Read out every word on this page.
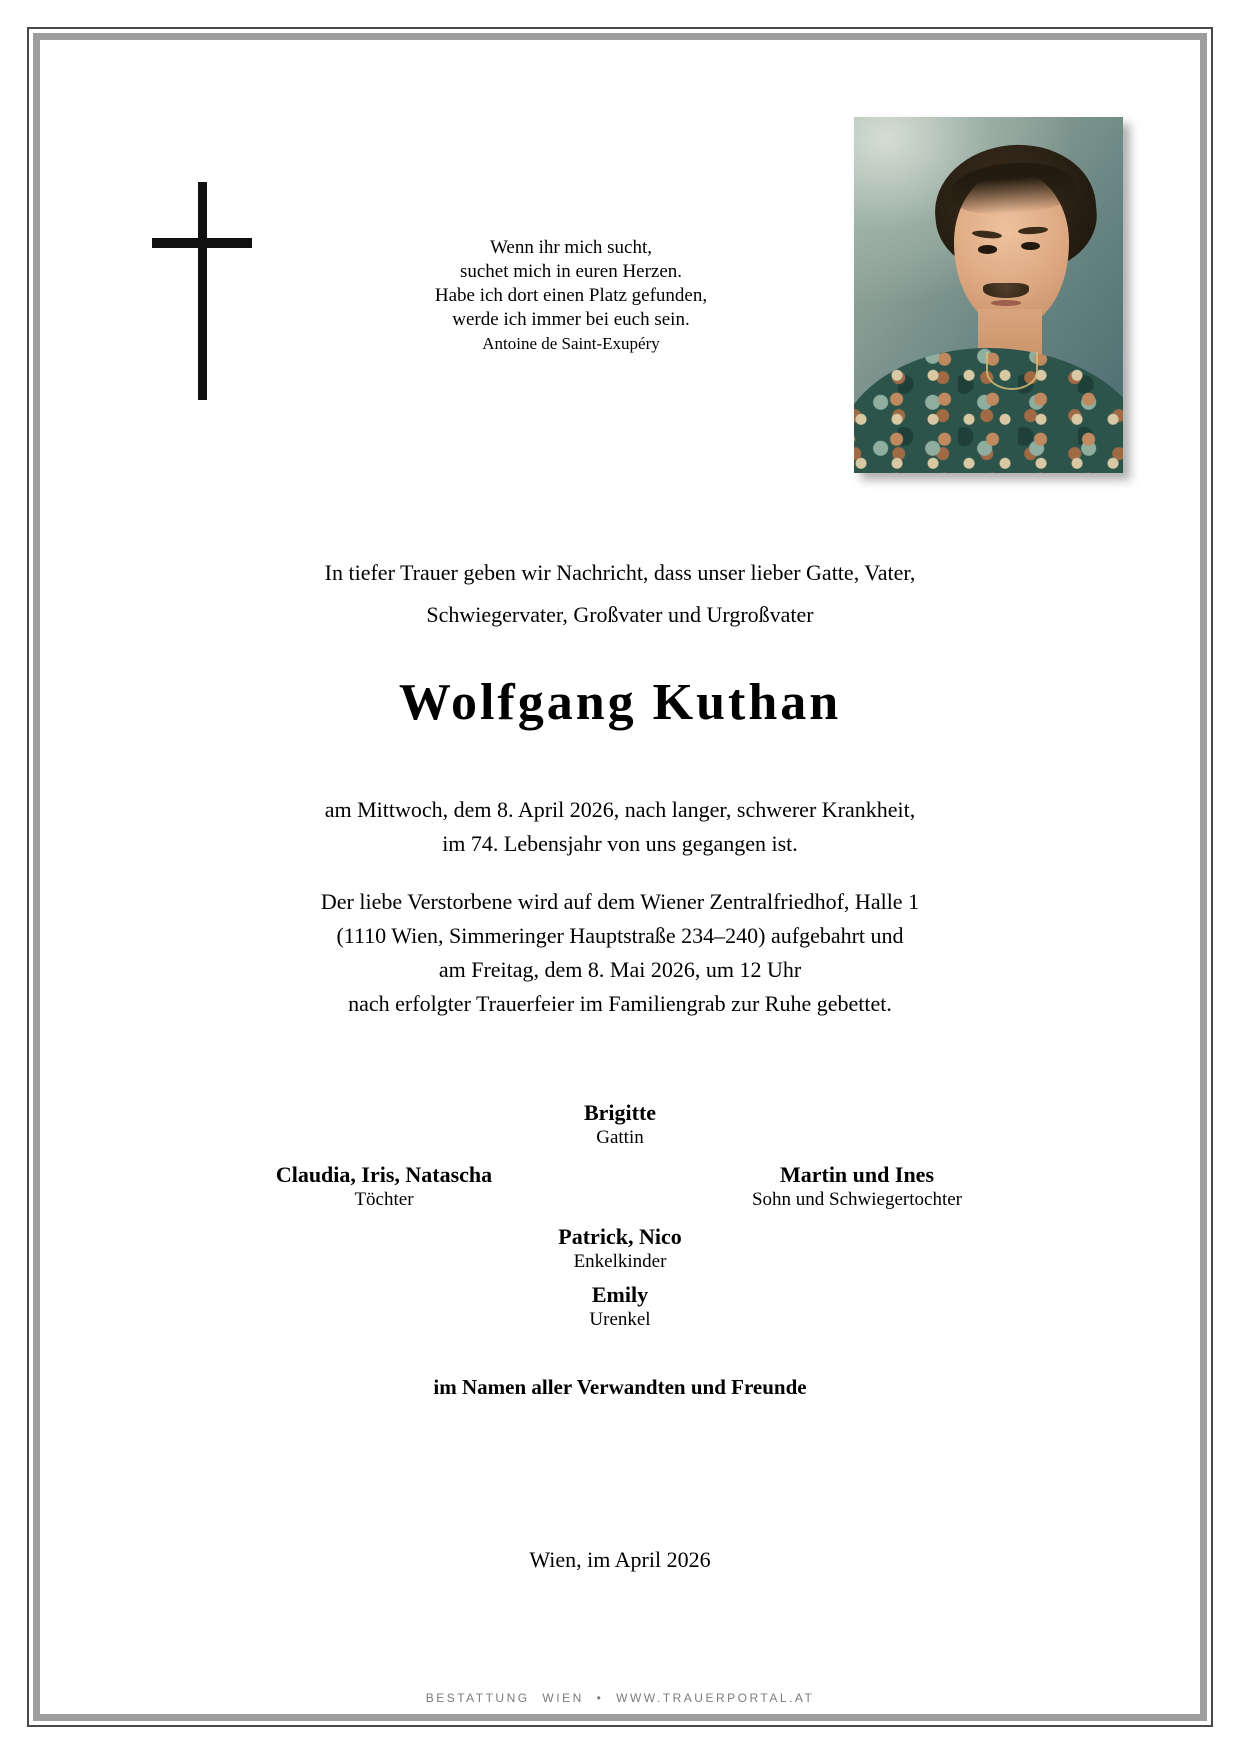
Wenn ihr mich sucht,
suchet mich in euren Herzen.
Habe ich dort einen Platz gefunden,
werde ich immer bei euch sein.
Antoine de Saint-Exupéry
In tiefer Trauer geben wir Nachricht, dass unser lieber Gatte, Vater,
Schwiegervater, Großvater und Urgroßvater
Wolfgang Kuthan
am Mittwoch, dem 8. April 2026, nach langer, schwerer Krankheit,
im 74. Lebensjahr von uns gegangen ist.
Der liebe Verstorbene wird auf dem Wiener Zentralfriedhof, Halle 1
(1110 Wien, Simmeringer Hauptstraße 234–240) aufgebahrt und
am Freitag, dem 8. Mai 2026, um 12 Uhr
nach erfolgter Trauerfeier im Familiengrab zur Ruhe gebettet.
Brigitte
Gattin
Claudia, Iris, Natascha
Töchter
Martin und Ines
Sohn und Schwiegertochter
Patrick, Nico
Enkelkinder
Emily
Urenkel
im Namen aller Verwandten und Freunde
Wien, im April 2026
BESTATTUNG WIEN • WWW.TRAUERPORTAL.AT
